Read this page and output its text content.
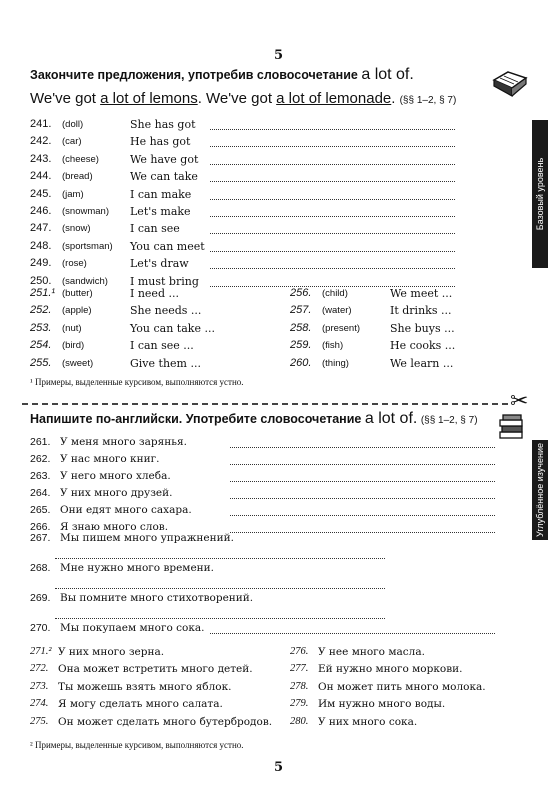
5
Закончите предложения, употребив словосочетание a lot of.
We've got a lot of lemons. We've got a lot of lemonade. (§§ 1–2, § 7)
Базовый уровень
241. (doll)	She has got
242. (car)	He has got
243. (cheese)	We have got
244. (bread)	We can take
245. (jam)	I can make
246. (snowman) Let's make
247. (snow)	I can see
248. (sportsman) You can meet
249. (rose)	Let's draw
250. (sandwich) I must bring
251.¹ (butter)	I need ...
252. (apple)	She needs ...
253. (nut)	You can take ...
254. (bird)	I can see ...
255. (sweet)	Give them ...
256. (child)	We meet ...
257. (water)	It drinks ...
258. (present)	She buys ...
259. (fish)	He cooks ...
260. (thing)	We learn ...
¹ Примеры, выделенные курсивом, выполняются устно.
✂
Напишите по-английски. Употребите словосочетание a lot of. (§§ 1–2, § 7)
Углублённое изучение
261. У меня много зарянья.
262. У нас много книг.
263. У него много хлеба.
264. У них много друзей.
265. Они едят много сахара.
266. Я знаю много слов.
267. Мы пишем много упражнений.
268. Мне нужно много времени.
269. Вы помните много стихотворений.
270. Мы покупаем много сока.
271.² У них много зерна.
272. Она может встретить много детей.
273. Ты можешь взять много яблок.
274. Я могу сделать много салата.
275. Он может сделать много бутербродов.
276. У нее много масла.
277. Ей нужно много моркови.
278. Он может пить много молока.
279. Им нужно много воды.
280. У них много сока.
² Примеры, выделенные курсивом, выполняются устно.
5
